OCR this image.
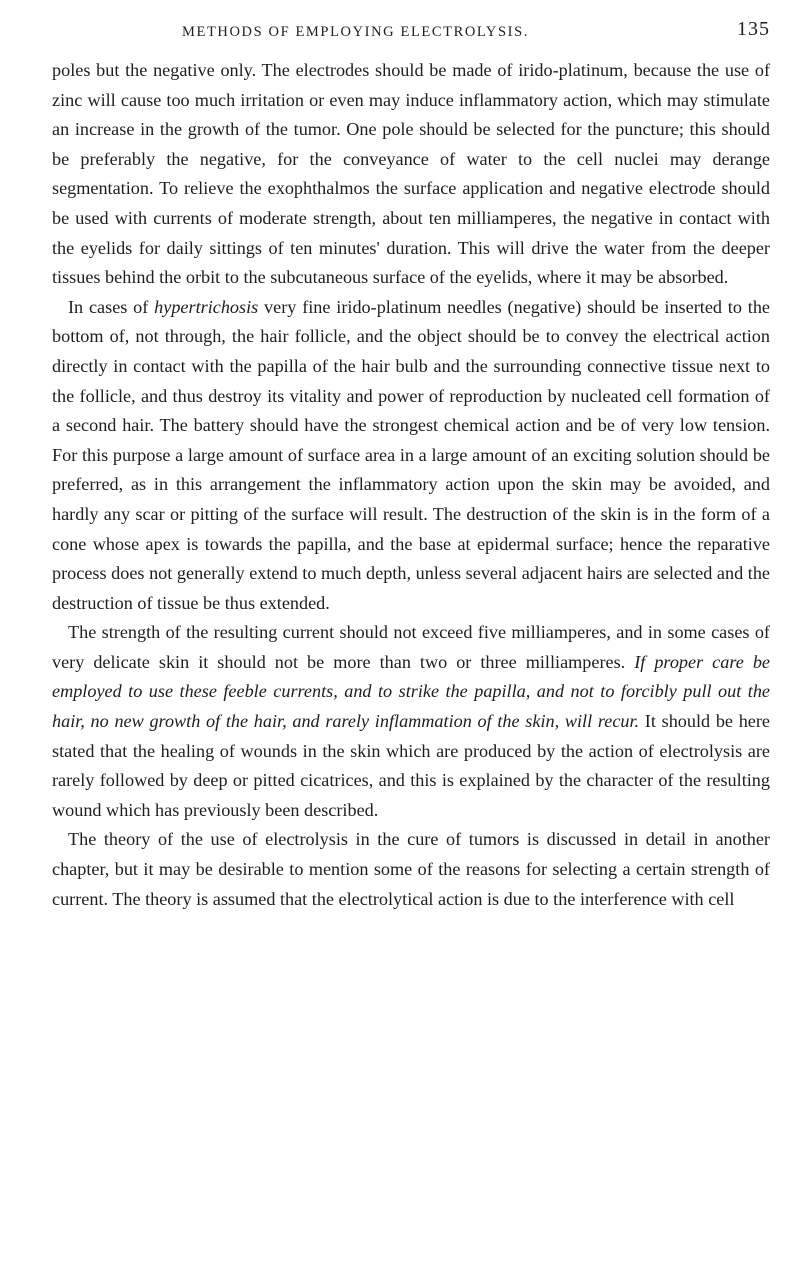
METHODS OF EMPLOYING ELECTROLYSIS.	135

poles but the negative only. The electrodes should be made of irido-platinum, because the use of zinc will cause too much irritation or even may induce inflammatory action, which may stimulate an increase in the growth of the tumor. One pole should be selected for the puncture; this should be preferably the negative, for the conveyance of water to the cell nuclei may derange segmentation. To relieve the exophthalmos the surface application and negative electrode should be used with currents of moderate strength, about ten milliamperes, the negative in contact with the eyelids for daily sittings of ten minutes' duration. This will drive the water from the deeper tissues behind the orbit to the subcutaneous surface of the eyelids, where it may be absorbed.

In cases of hypertrichosis very fine irido-platinum needles (negative) should be inserted to the bottom of, not through, the hair follicle, and the object should be to convey the electrical action directly in contact with the papilla of the hair bulb and the surrounding connective tissue next to the follicle, and thus destroy its vitality and power of reproduction by nucleated cell formation of a second hair. The battery should have the strongest chemical action and be of very low tension. For this purpose a large amount of surface area in a large amount of an exciting solution should be preferred, as in this arrangement the inflammatory action upon the skin may be avoided, and hardly any scar or pitting of the surface will result. The destruction of the skin is in the form of a cone whose apex is towards the papilla, and the base at epidermal surface; hence the reparative process does not generally extend to much depth, unless several adjacent hairs are selected and the destruction of tissue be thus extended.

The strength of the resulting current should not exceed five milliamperes, and in some cases of very delicate skin it should not be more than two or three milliamperes. If proper care be employed to use these feeble currents, and to strike the papilla, and not to forcibly pull out the hair, no new growth of the hair, and rarely inflammation of the skin, will recur. It should be here stated that the healing of wounds in the skin which are produced by the action of electrolysis are rarely followed by deep or pitted cicatrices, and this is explained by the character of the resulting wound which has previously been described.

The theory of the use of electrolysis in the cure of tumors is discussed in detail in another chapter, but it may be desirable to mention some of the reasons for selecting a certain strength of current. The theory is assumed that the electrolytical action is due to the interference with cell
